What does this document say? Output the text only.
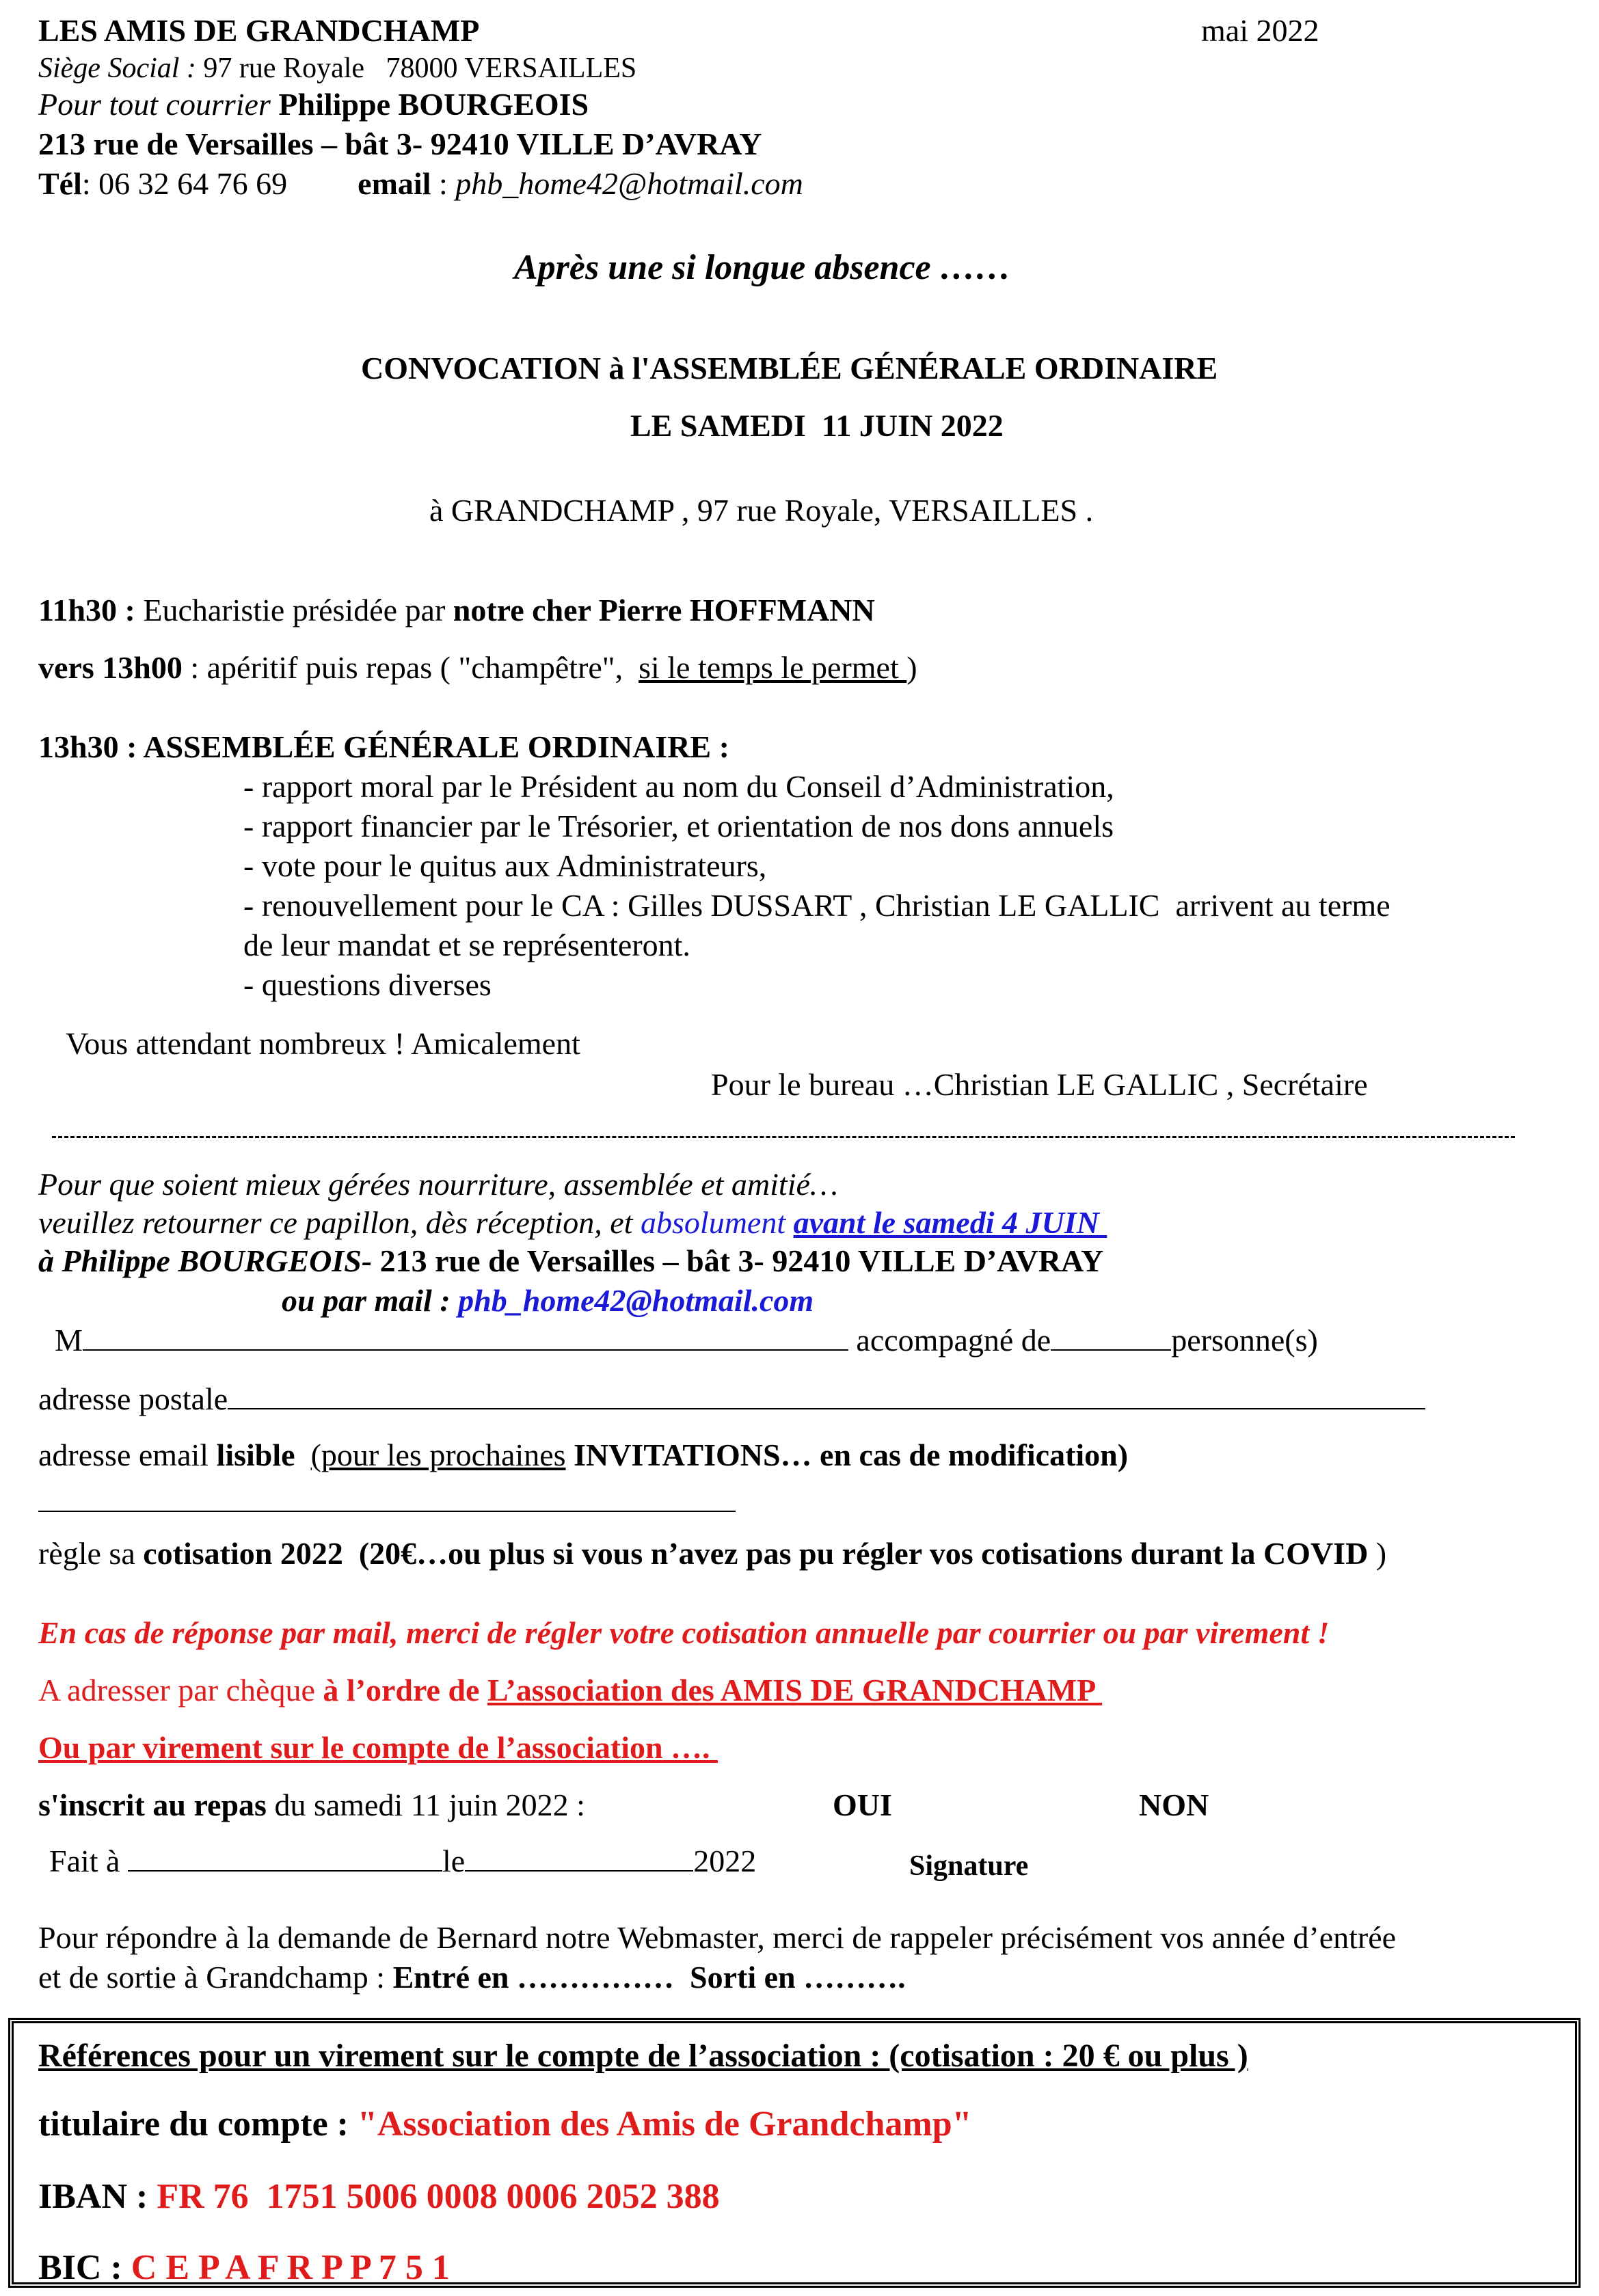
LES AMIS DE GRANDCHAMP	mai 2022
Siège Social : 97 rue Royale   78000 VERSAILLES
Pour tout courrier Philippe BOURGEOIS
213 rue de Versailles – bât 3- 92410 VILLE D’AVRAY
Tél: 06 32 64 76 69 email : phb_home42@hotmail.com
Après une si longue absence ……
CONVOCATION à l'ASSEMBLÉE GÉNÉRALE ORDINAIRE
LE SAMEDI  11 JUIN 2022
à GRANDCHAMP , 97 rue Royale, VERSAILLES .
11h30 : Eucharistie présidée par notre cher Pierre HOFFMANN
vers 13h00 : apéritif puis repas ( "champêtre",  si le temps le permet )
13h30 : ASSEMBLÉE GÉNÉRALE ORDINAIRE :
- rapport moral par le Président au nom du Conseil d’Administration,
- rapport financier par le Trésorier, et orientation de nos dons annuels
- vote pour le quitus aux Administrateurs,
- renouvellement pour le CA : Gilles DUSSART , Christian LE GALLIC  arrivent au terme
de leur mandat et se représenteront.
- questions diverses
Vous attendant nombreux ! Amicalement
Pour le bureau …Christian LE GALLIC , Secrétaire
Pour que soient mieux gérées nourriture, assemblée et amitié…
veuillez retourner ce papillon, dès réception, et absolument avant le samedi 4 JUIN
à Philippe BOURGEOIS- 213 rue de Versailles – bât 3- 92410 VILLE D’AVRAY
ou par mail : phb_home42@hotmail.com
M	accompagné de	personne(s)
adresse postale
adresse email lisible (pour les prochaines INVITATIONS… en cas de modification)
règle sa cotisation 2022  (20€…ou plus si vous n’avez pas pu régler vos cotisations durant la COVID )
En cas de réponse par mail, merci de régler votre cotisation annuelle par courrier ou par virement !
A adresser par chèque à l’ordre de L’association des AMIS DE GRANDCHAMP
Ou par virement sur le compte de l’association ….
s'inscrit au repas du samedi 11 juin 2022 :	OUI	NON
Fait à	le	2022	Signature
Pour répondre à la demande de Bernard notre Webmaster, merci de rappeler précisément vos année d’entrée
et de sortie à Grandchamp : Entré en ……………  Sorti en ……….
Références pour un virement sur le compte de l’association : (cotisation : 20 € ou plus )
titulaire du compte : "Association des Amis de Grandchamp"
IBAN : FR 76  1751 5006 0008 0006 2052 388
BIC : C E P A F R P P 7 5 1
